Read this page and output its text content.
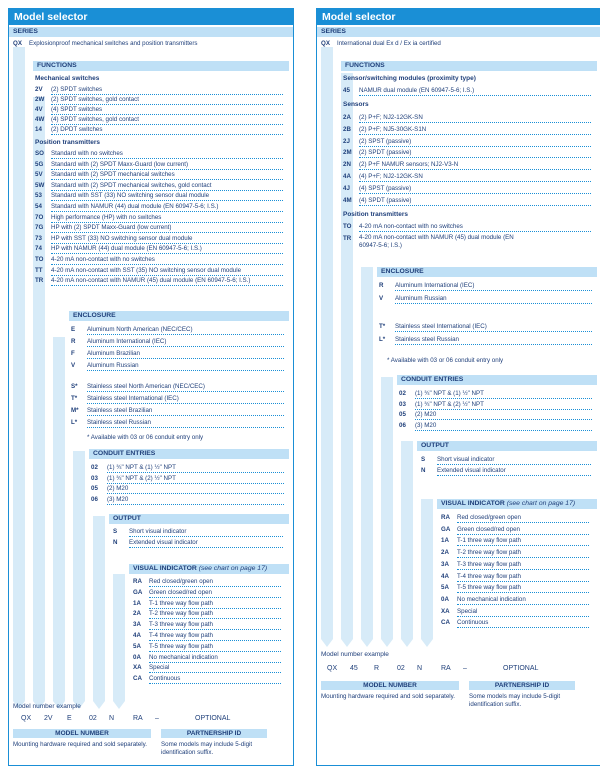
Model selector
SERIES
QX Explosionproof mechanical switches and position transmitters
FUNCTIONS
Mechanical switches
2V (2) SPDT switches
2W (2) SPDT switches, gold contact
4V (4) SPDT switches
4W (4) SPDT switches, gold contact
14 (2) DPDT switches
Position transmitters
SO Standard with no switches
5G Standard with (2) SPDT Maxx-Guard (low current)
5V Standard with (2) SPDT mechanical switches
5W Standard with (2) SPDT mechanical switches, gold contact
53 Standard with SST (33) NO switching sensor dual module
54 Standard with NAMUR (44) dual module (EN 60947-5-6; I.S.)
7O High performance (HP) with no switches
7G HP with (2) SPDT Maxx-Guard (low current)
73 HP with SST (33) NO switching sensor dual module
74 HP with NAMUR (44) dual module (EN 60947-5-6; I.S.)
TO 4-20 mA non-contact with no switches
TT 4-20 mA non-contact with SST (35) NO switching sensor dual module
TR 4-20 mA non-contact with NAMUR (45) dual module (EN 60947-5-6; I.S.)
ENCLOSURE
E Aluminum North American (NEC/CEC)
R Aluminum International (IEC)
F Aluminum Brazilian
V Aluminum Russian
S* Stainless steel North American (NEC/CEC)
T* Stainless steel International (IEC)
M* Stainless steel Brazilian
L* Stainless steel Russian
* Available with 03 or 06 conduit entry only
CONDUIT ENTRIES
02 (1) ¾" NPT & (1) ½" NPT
03 (1) ¾" NPT & (2) ½" NPT
05 (2) M20
06 (3) M20
OUTPUT
S Short visual indicator
N Extended visual indicator
VISUAL INDICATOR (see chart on page 17)
RA Red closed/green open
GA Green closed/red open
1A T-1 three way flow path
2A T-2 three way flow path
3A T-3 three way flow path
4A T-4 three way flow path
5A T-5 three way flow path
0A No mechanical indication
XA Special
CA Continuous
Model number example
QX 2V E 02 N	RA –	OPTIONAL
MODEL NUMBER	PARTNERSHIP ID
Mounting hardware required and sold separately.	Some models may include 5-digit identification suffix.
Model selector
SERIES
QX International dual Ex d / Ex ia certified
FUNCTIONS
Sensor/switching modules (proximity type)
45 NAMUR dual module (EN 60947-5-6; I.S.)
Sensors
2A (2) P+F; NJ2-12GK-SN
2B (2) P+F; NJ5-30GK-S1N
2J (2) SPST (passive)
2M (2) SPDT (passive)
2N (2) P+F NAMUR sensors; NJ2-V3-N
4A (4) P+F; NJ2-12GK-SN
4J (4) SPST (passive)
4M (4) SPDT (passive)
Position transmitters
TO 4-20 mA non-contact with no switches
TR 4-20 mA non-contact with NAMUR (45) dual module (EN 60947-5-6; I.S.)
ENCLOSURE
R Aluminum International (IEC)
V Aluminum Russian
T* Stainless steel International (IEC)
L* Stainless steel Russian
* Available with 03 or 06 conduit entry only
CONDUIT ENTRIES
02 (1) ¾" NPT & (1) ½" NPT
03 (1) ¾" NPT & (2) ½" NPT
05 (2) M20
06 (3) M20
OUTPUT
S Short visual indicator
N Extended visual indicator
VISUAL INDICATOR (see chart on page 17)
RA Red closed/green open
GA Green closed/red open
1A T-1 three way flow path
2A T-2 three way flow path
3A T-3 three way flow path
4A T-4 three way flow path
5A T-5 three way flow path
0A No mechanical indication
XA Special
CA Continuous
Model number example
QX 45 R	02 N	RA –	OPTIONAL
MODEL NUMBER	PARTNERSHIP ID
Mounting hardware required and sold separately.	Some models may include 5-digit identification suffix.
